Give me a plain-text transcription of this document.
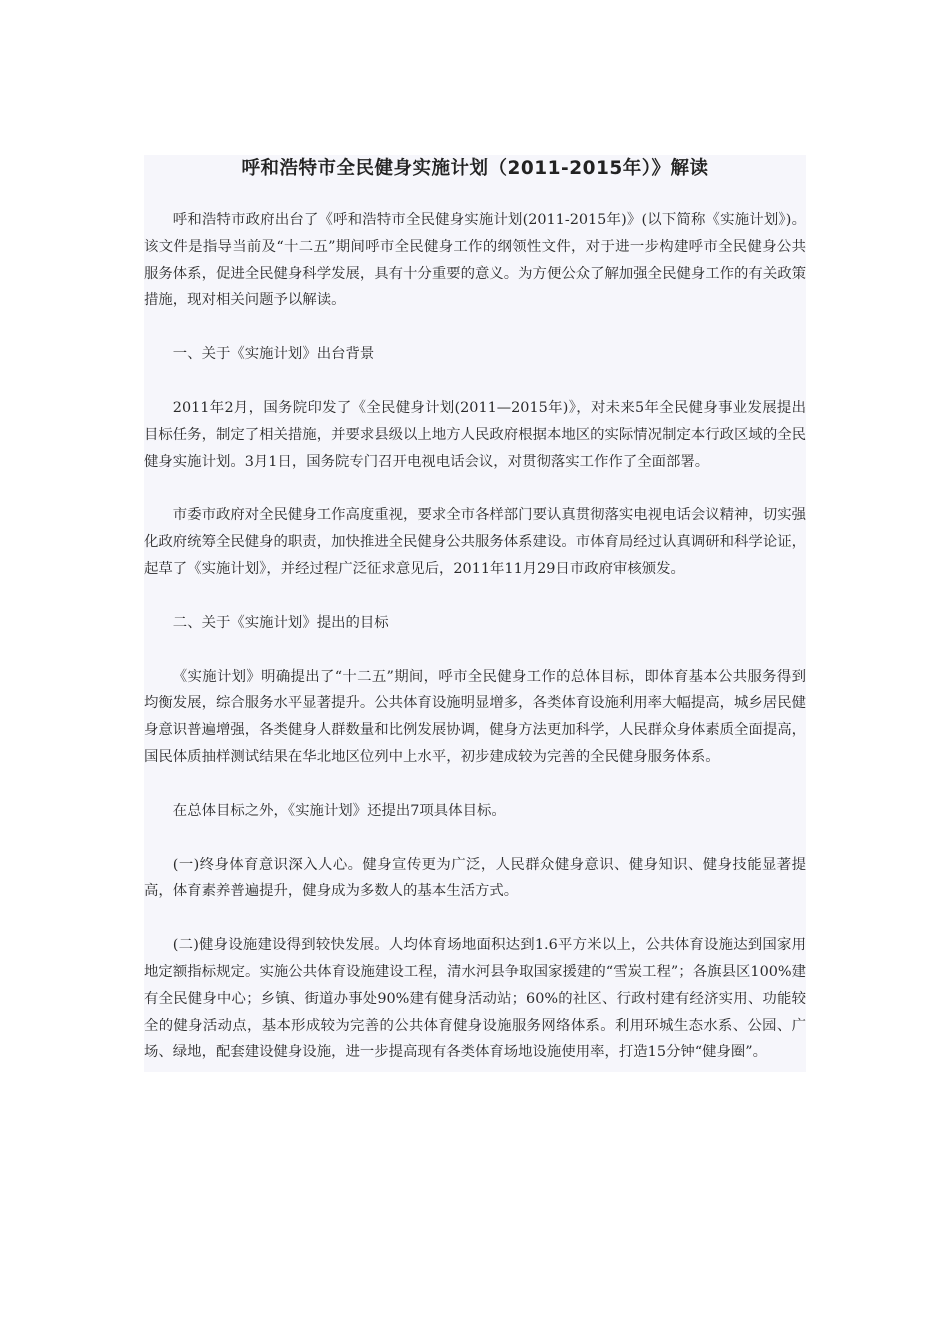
呼和浩特市全民健身实施计划（2011-2015年）》解读

呼和浩特市政府出台了《呼和浩特市全民健身实施计划(2011-2015年)》(以下简称《实施计划》)。该文件是指导当前及“十二五”期间呼市全民健身工作的纲领性文件，对于进一步构建呼市全民健身公共服务体系，促进全民健身科学发展，具有十分重要的意义。为方便公众了解加强全民健身工作的有关政策措施，现对相关问题予以解读。

一、关于《实施计划》出台背景

2011年2月，国务院印发了《全民健身计划(2011—2015年)》，对未来5年全民健身事业发展提出目标任务，制定了相关措施，并要求县级以上地方人民政府根据本地区的实际情况制定本行政区域的全民健身实施计划。3月1日，国务院专门召开电视电话会议，对贯彻落实工作作了全面部署。

市委市政府对全民健身工作高度重视，要求全市各样部门要认真贯彻落实电视电话会议精神，切实强化政府统筹全民健身的职责，加快推进全民健身公共服务体系建设。市体育局经过认真调研和科学论证，起草了《实施计划》，并经过程广泛征求意见后，2011年11月29日市政府审核颁发。

二、关于《实施计划》提出的目标

《实施计划》明确提出了“十二五”期间，呼市全民健身工作的总体目标，即体育基本公共服务得到均衡发展，综合服务水平显著提升。公共体育设施明显增多，各类体育设施利用率大幅提高，城乡居民健身意识普遍增强，各类健身人群数量和比例发展协调，健身方法更加科学，人民群众身体素质全面提高，国民体质抽样测试结果在华北地区位列中上水平，初步建成较为完善的全民健身服务体系。

在总体目标之外，《实施计划》还提出7项具体目标。

(一)终身体育意识深入人心。健身宣传更为广泛，人民群众健身意识、健身知识、健身技能显著提高，体育素养普遍提升，健身成为多数人的基本生活方式。

(二)健身设施建设得到较快发展。人均体育场地面积达到1.6平方米以上，公共体育设施达到国家用地定额指标规定。实施公共体育设施建设工程，清水河县争取国家援建的“雪炭工程”；各旗县区100%建有全民健身中心；乡镇、街道办事处90%建有健身活动站；60%的社区、行政村建有经济实用、功能较全的健身活动点，基本形成较为完善的公共体育健身设施服务网络体系。利用环城生态水系、公园、广场、绿地，配套建设健身设施，进一步提高现有各类体育场地设施使用率，打造15分钟“健身圈”。
